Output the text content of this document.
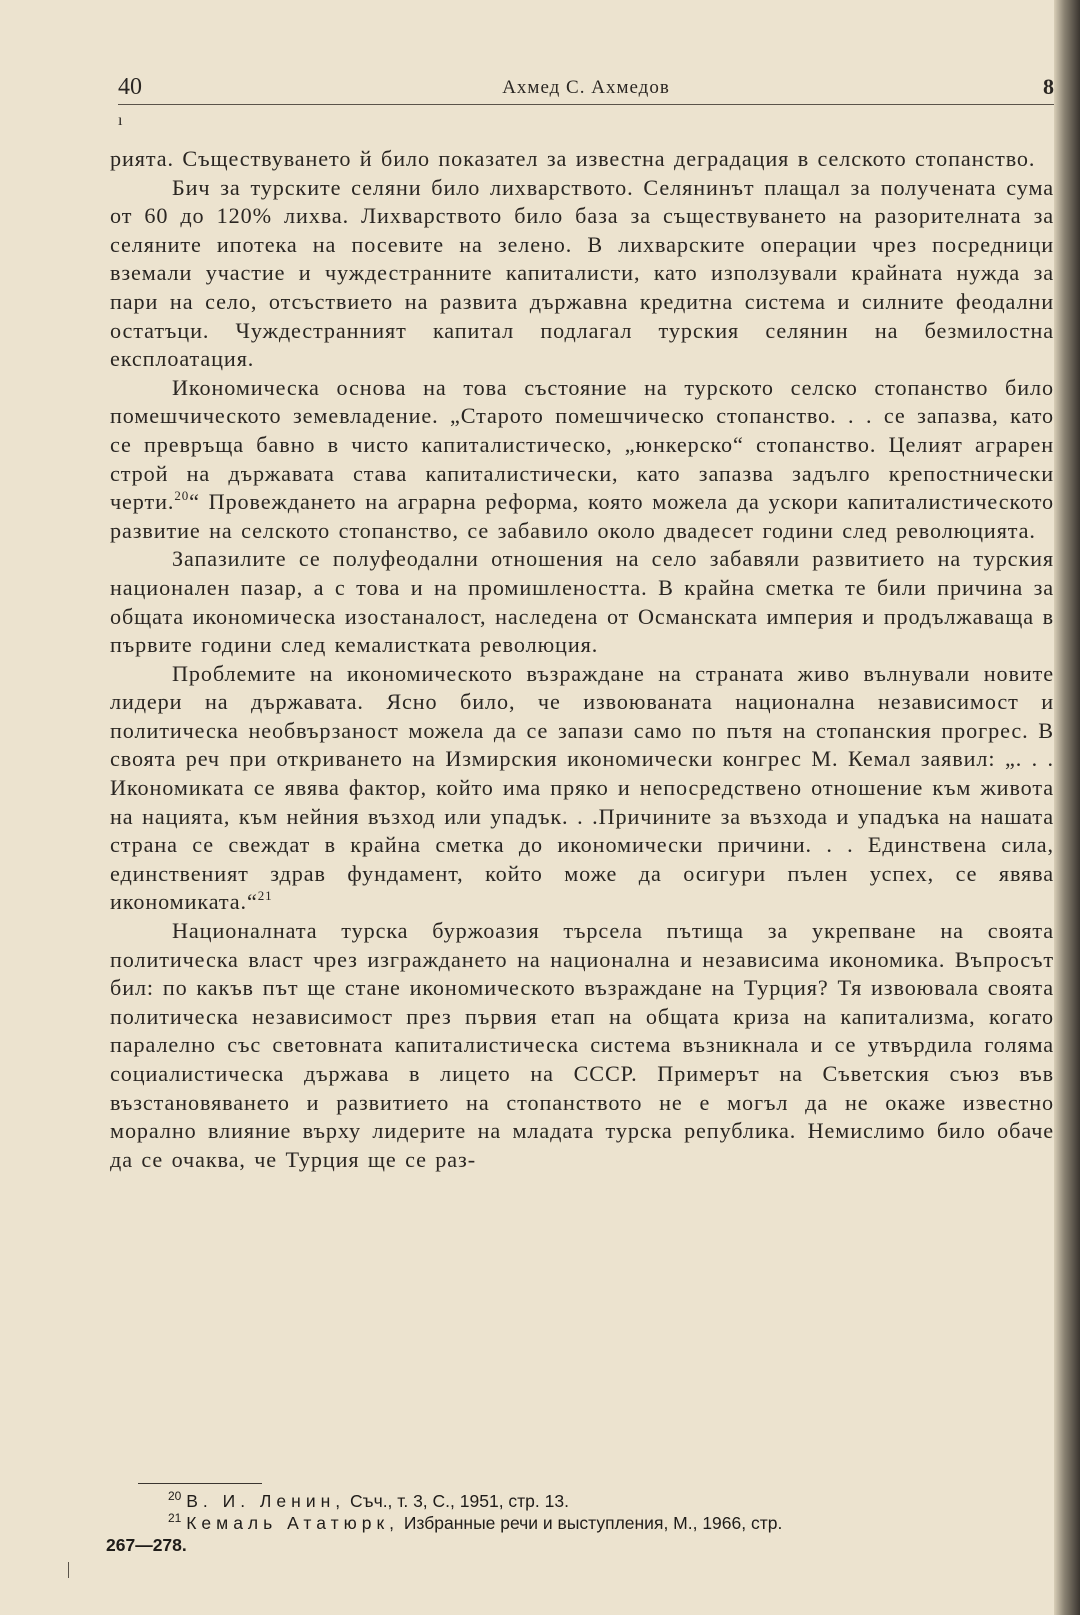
40	Ахмед С. Ахмедов	8
ı

рията. Съществуването й било показател за известна деградация в селското стопанство.

Бич за турските селяни било лихварството. Селянинът плащал за получената сума от 60 до 120% лихва. Лихварството било база за съществуването на разорителната за селяните ипотека на посевите на зелено. В лихварските операции чрез посредници вземали участие и чуждестранните капиталисти, като използували крайната нужда за пари на село, отсъствието на развита държавна кредитна система и силните феодални остатъци. Чуждестранният капитал подлагал турския селянин на безмилостна експлоатация.

Икономическа основа на това състояние на турското селско стопанство било помешчическото земевладение. „Старото помешчическо стопанство. . . се запазва, като се превръща бавно в чисто капиталистическо, „юнкерско“ стопанство. Целият аграрен строй на държавата става капиталистически, като запазва задълго крепостнически черти.$^{20}$“ Провеждането на аграрна реформа, която можела да ускори капиталистическото развитие на селското стопанство, се забавило около двадесет години след революцията.

Запазилите се полуфеодални отношения на село забавяли развитието на турския национален пазар, а с това и на промишлеността. В крайна сметка те били причина за общата икономическа изостаналост, наследена от Османската империя и продължаваща в първите години след кемалистката революция.

Проблемите на икономическото възраждане на страната живо вълнували новите лидери на държавата. Ясно било, че извоюваната национална независимост и политическа необвързаност можела да се запази само по пътя на стопанския прогрес. В своята реч при откриването на Измирския икономически конгрес М. Кемал заявил: „. . . Икономиката се явява фактор, който има пряко и непосредствено отношение към живота на нацията, към нейния възход или упадък. . .Причините за възхода и упадъка на нашата страна се свеждат в крайна сметка до икономически причини. . . Единствена сила, единственият здрав фундамент, който може да осигури пълен успех, се явява икономиката.“$^{21}$

Националната турска буржоазия търсела пътища за укрепване на своята политическа власт чрез изграждането на национална и независима икономика. Въпросът бил: по какъв път ще стане икономическото възраждане на Турция? Тя извоювала своята политическа независимост през първия етап на общата криза на капитализма, когато паралелно със световната капиталистическа система възникнала и се утвърдила голяма социалистическа държава в лицето на СССР. Примерът на Съветския съюз във възстановяването и развитието на стопанството не е могъл да не окаже известно морално влияние върху лидерите на младата турска република. Немислимо било обаче да се очаква, че Турция ще се раз-

$^{20}$ В. И. Ленин, Съч., т. 3, С., 1951, стр. 13.

$^{21}$ Кемаль Ататюрк, Избранные речи и выступления, М., 1966, стр.

267—278.
